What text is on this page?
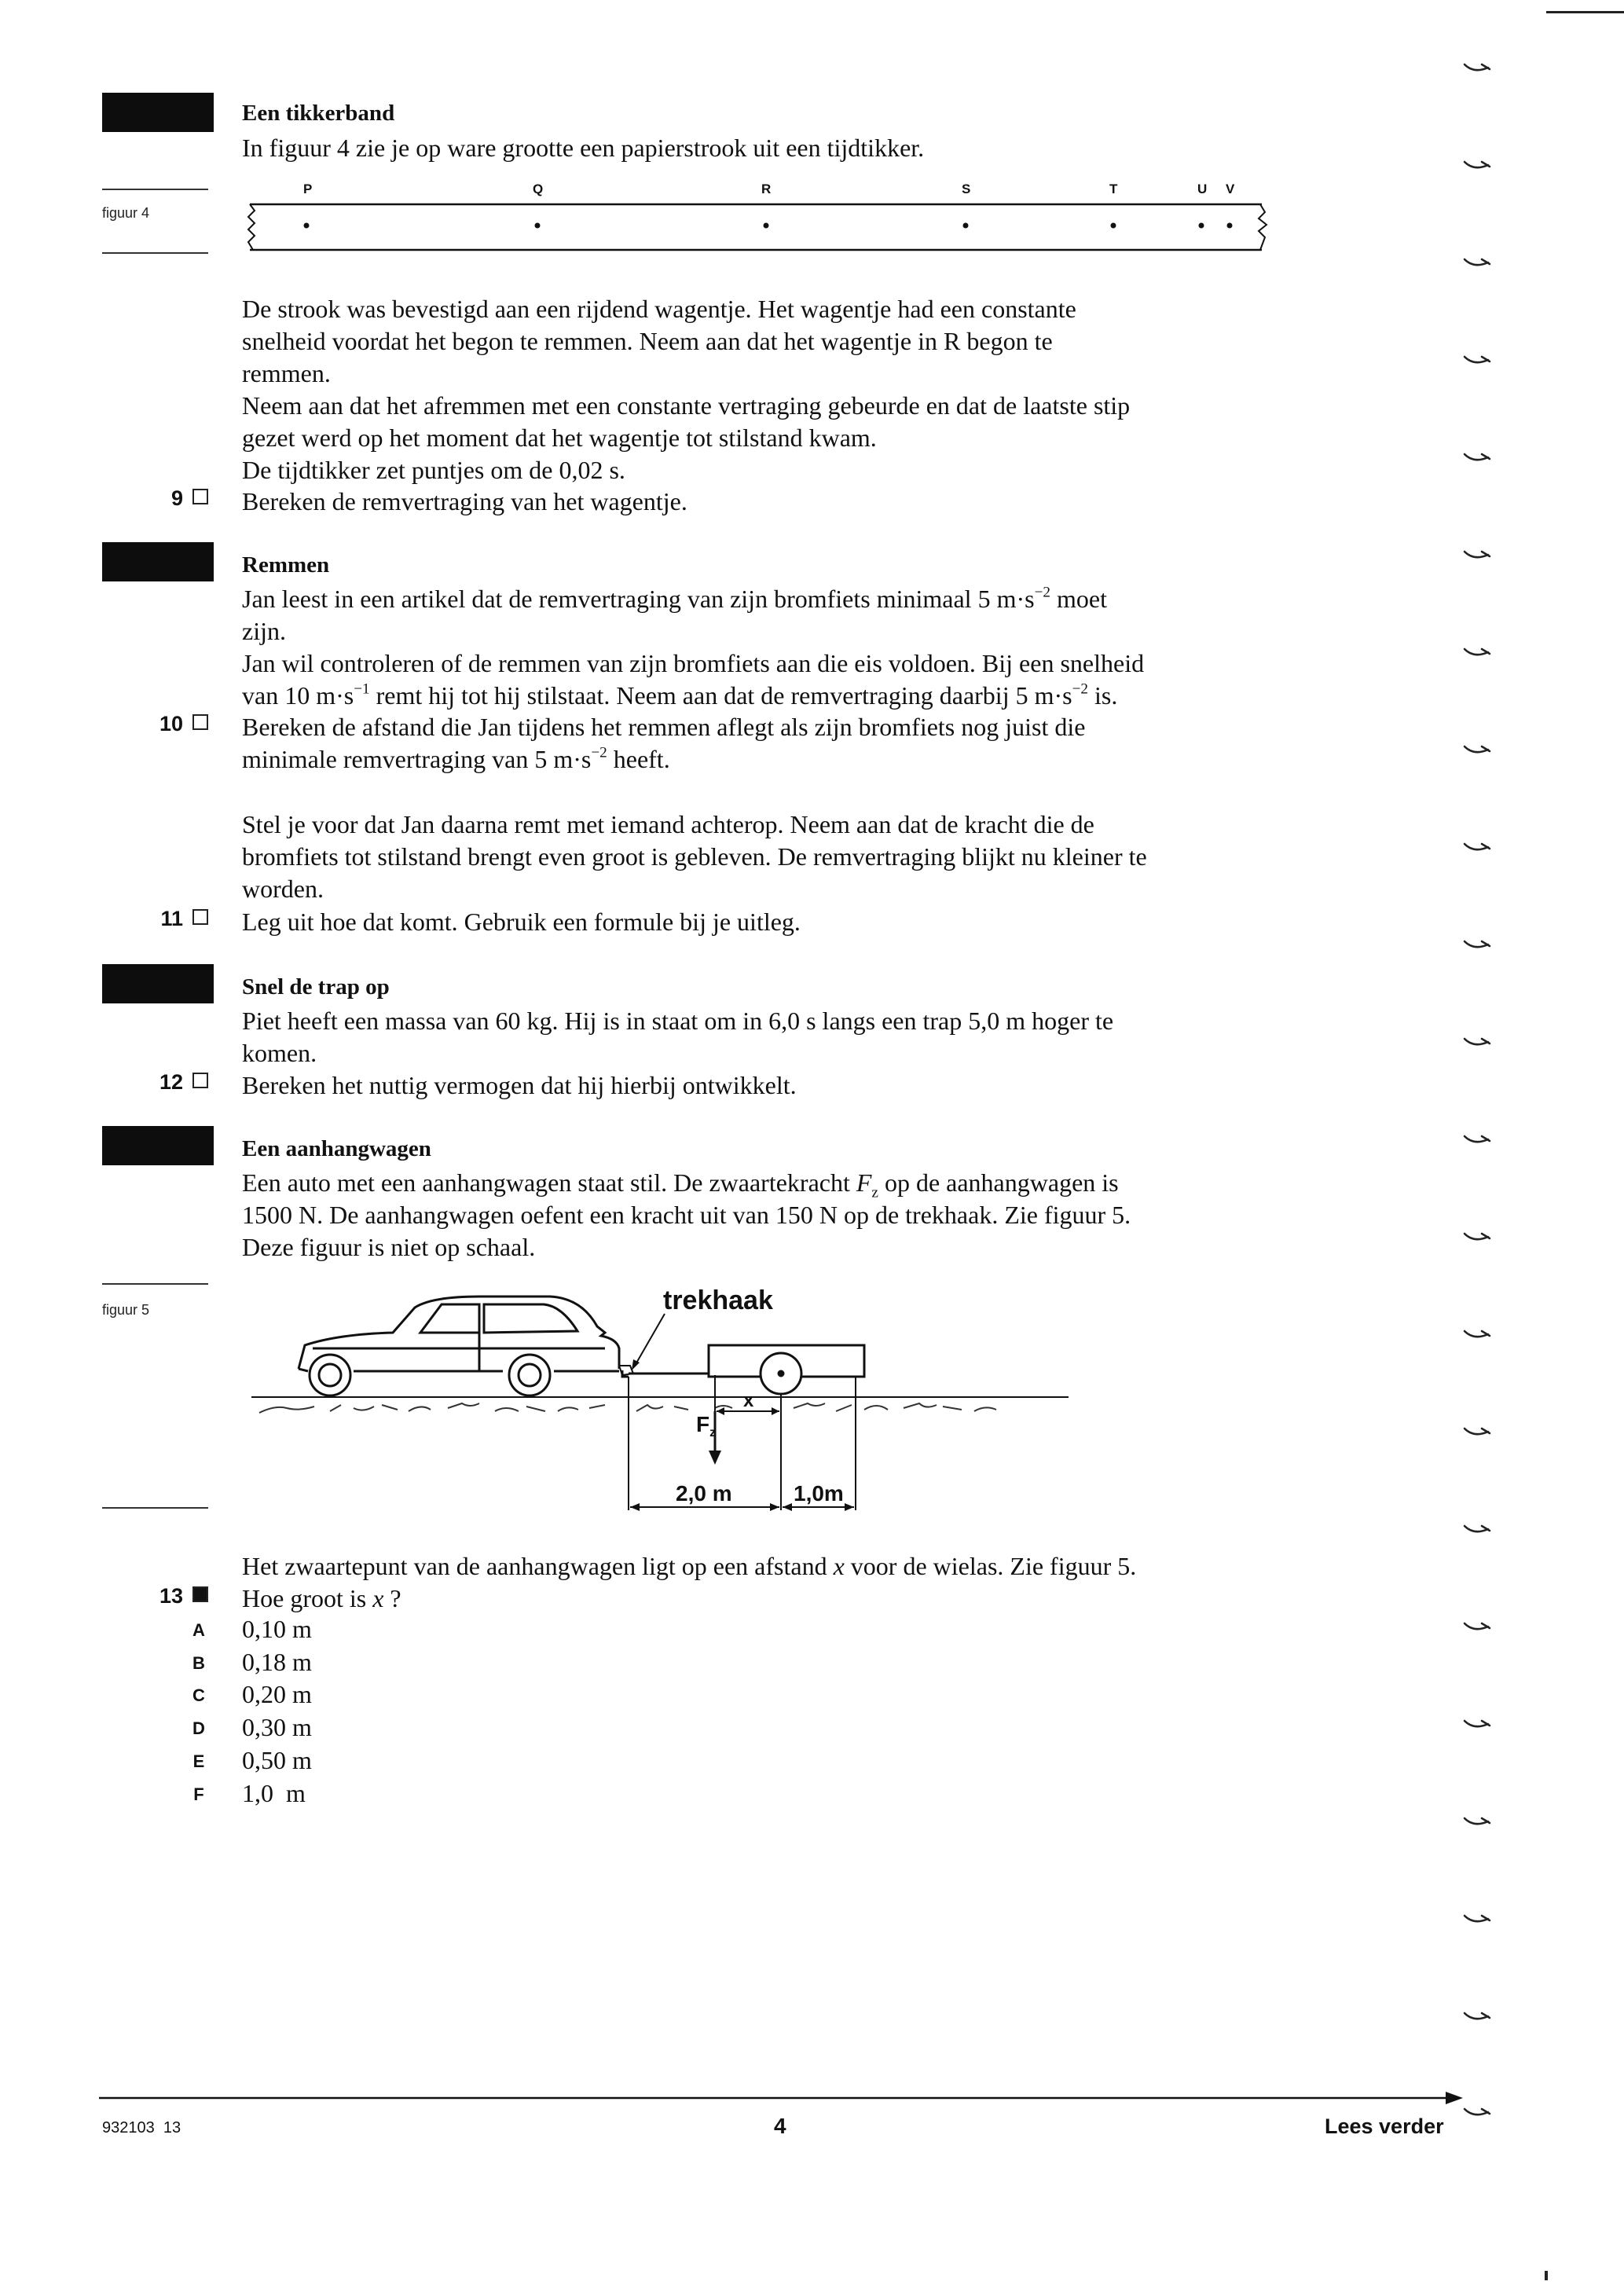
Een tikkerband
In figuur 4 zie je op ware grootte een papierstrook uit een tijdtikker.
figuur 4
P	Q	R	S	T	U V

De strook was bevestigd aan een rijdend wagentje. Het wagentje had een constante

snelheid voordat het begon te remmen. Neem aan dat het wagentje in R begon te

remmen.

Neem aan dat het afremmen met een constante vertraging gebeurde en dat de laatste stip

gezet werd op het moment dat het wagentje tot stilstand kwam.

De tijdtikker zet puntjes om de 0,02 s.

9	Bereken de remvertraging van het wagentje.
Remmen

Jan leest in een artikel dat de remvertraging van zijn bromfiets minimaal 5 $m\cdot s^{-2}$ moet

zijn.

Jan wil controleren of de remmen van zijn bromfiets aan die eis voldoen. Bij een snelheid

van 10 $m\cdot s^{-1}$ remt hij tot hij stilstaat. Neem aan dat de remvertraging daarbij 5 $m\cdot s^{-2}$ is.

10	Bereken de afstand die Jan tijdens het remmen aflegt als zijn bromfiets nog juist die

minimale remvertraging van 5 $m\cdot s^{-2}$ heeft.

Stel je voor dat Jan daarna remt met iemand achterop. Neem aan dat de kracht die de

bromfiets tot stilstand brengt even groot is gebleven. De remvertraging blijkt nu kleiner te

worden.

11	Leg uit hoe dat komt. Gebruik een formule bij je uitleg.
Snel de trap op

Piet heeft een massa van 60 kg. Hij is in staat om in 6,0 s langs een trap 5,0 m hoger te

komen.

12	Bereken het nuttig vermogen dat hij hierbij ontwikkelt.
Een aanhangwagen

Een auto met een aanhangwagen staat stil. De zwaartekracht $F_z$ op de aanhangwagen is

1500 N. De aanhangwagen oefent een kracht uit van 150 N op de trekhaak. Zie figuur 5.

Deze figuur is niet op schaal.

figuur 5	trekhaak
$F_z$
x
2,0 m	1,0m

Het zwaartepunt van de aanhangwagen ligt op een afstand x voor de wielas. Zie figuur 5.

13	Hoe groot is x ?

A 0,10 m
B 0,18 m
C 0,20 m
D 0,30 m
E 0,50 m
F 1,0  m
932103  13	4	Lees verder
